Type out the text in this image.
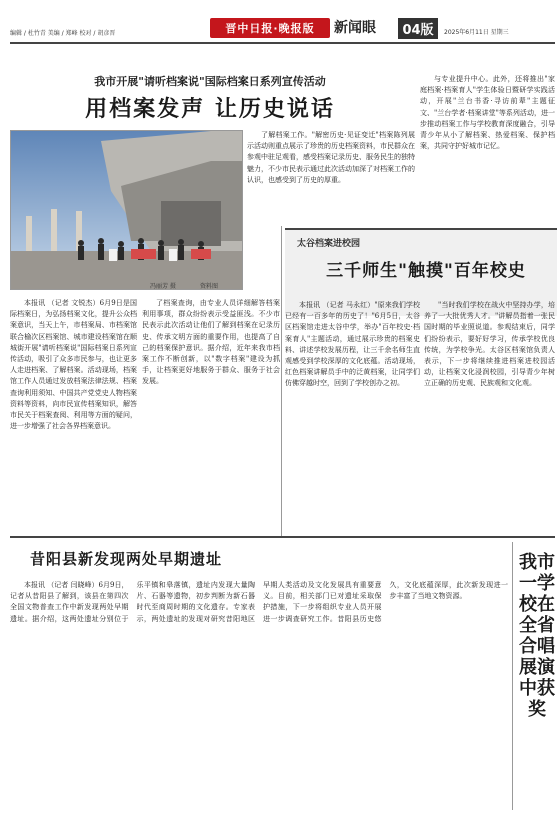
编辑 / 杜竹青 美编 / 郑峰 校对 / 胡彦晋	晋中日报·晚报版	新闻眼	04版	2025年6月11日 星期三
我市开展"请听档案说"国际档案日系列宣传活动
用档案发声 让历史说话
冯丽芳 摄	资料图

了解档案工作。"解密历史·见证变迁"档案陈列展示活动则重点展示了珍贵的历史档案资料，市民群众在参观中驻足观看，感受档案记录历史、服务民生的独特魅力，不少市民表示通过此次活动加深了对档案工作的认识，也感受到了历史的厚重。

与专业提升中心。此外，还将推出"家庭档案·档案育人"学生体验日暨研学实践活动，开展"兰台书香·寻访前辈"主题征文、"兰台学者·档案讲堂"等系列活动，进一步推动档案工作与学校教育深度融合，引导青少年从小了解档案、热爱档案、保护档案，共同守护好城市记忆。

本报讯 （记者 文锐杰）6月9日是国际档案日，为弘扬档案文化，提升公众档案意识，当天上午，市档案局、市档案馆联合榆次区档案馆、城市建设档案馆在顺城街开展"请听档案说"国际档案日系列宣传活动，吸引了众多市民参与，也让更多人走进档案、了解档案。活动现场，档案馆工作人员通过发放档案法律法规、档案查询利用须知、中国共产党党史人物档案资料等资料，向市民宣传档案知识，解答市民关于档案查阅、利用等方面的疑问，进一步增强了社会各界档案意识。

了档案查询，由专业人员详细解答档案利用事项，群众纷纷表示受益匪浅。不少市民表示此次活动让他们了解到档案在记录历史、传承文明方面的重要作用，也提高了自己的档案保护意识。据介绍，近年来我市档案工作不断创新，以"数字档案"建设为抓手，让档案更好地服务于群众、服务于社会发展。

太谷档案进校园
三千师生"触摸"百年校史

本报讯 （记者 马永红）"原来我们学校已经有一百多年的历史了！"6月5日，太谷区档案馆走进太谷中学，举办"百年校史·档案育人"主题活动，通过展示珍贵的档案史料、讲述学校发展历程，让三千余名师生直观感受到学校深厚的文化底蕴。活动现场，红色档案讲解员手中的泛黄档案，让同学们仿佛穿越时空，回到了学校创办之初。

"当时我们学校在战火中坚持办学，培养了一大批优秀人才。"讲解员指着一张民国时期的毕业照说道。参观结束后，同学们纷纷表示，要好好学习，传承学校优良传统，为学校争光。太谷区档案馆负责人表示，下一步将继续推进档案进校园活动，让档案文化浸润校园，引导青少年树立正确的历史观、民族观和文化观。

昔阳县新发现两处早期遗址

本报讯 （记者 闫晓峰）6月9日，记者从昔阳县了解到，该县在第四次全国文物普查工作中新发现两处早期遗址。据介绍，这两处遗址分别位于乐平镇和皋落镇，遗址内发现大量陶片、石器等遗物，初步判断为新石器时代至商周时期的文化遗存。专家表示，两处遗址的发现对研究昔阳地区早期人类活动及文化发展具有重要意义。目前，相关部门已对遗址采取保护措施，下一步将组织专业人员开展进一步调查研究工作。昔阳县历史悠久，文化底蕴深厚，此次新发现进一步丰富了当地文物资源。

我市一学校在全省合唱展演中获奖
